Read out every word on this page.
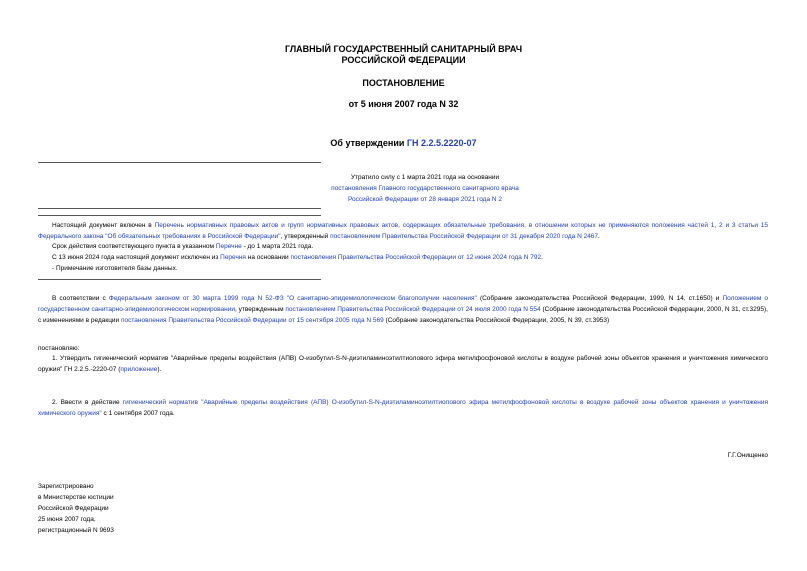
ГЛАВНЫЙ ГОСУДАРСТВЕННЫЙ САНИТАРНЫЙ ВРАЧ
РОССИЙСКОЙ ФЕДЕРАЦИИ
ПОСТАНОВЛЕНИЕ
от 5 июня 2007 года N 32
Об утверждении ГН 2.2.5.2220-07
Утратило силу с 1 марта 2021 года на основании
постановления Главного государственного санитарного врача
Российской Федерации от 28 января 2021 года N 2
Настоящий документ включен в Перечень нормативных правовых актов и групп нормативных правовых актов, содержащих обязательные требования, в отношении которых не применяются положения частей 1, 2 и 3 статьи 15 Федерального закона "Об обязательных требованиях в Российской Федерации", утвержденный постановлением Правительства Российской Федерации от 31 декабря 2020 года N 2467.
Срок действия соответствующего пункта в указанном Перечне - до 1 марта 2021 года.
С 13 июня 2024 года настоящий документ исключен из Перечня на основании постановления Правительства Российской Федерации от 12 июня 2024 года N 792.
- Примечание изготовителя базы данных.
В соответствии с Федеральным законом от 30 марта 1999 года N 52-ФЗ "О санитарно-эпидемиологическом благополучии населения" (Собрание законодательства Российской Федерации, 1999, N 14, ст.1650) и Положением о государственном санитарно-эпидемиологическом нормировании, утвержденным постановлением Правительства Российской Федерации от 24 июля 2000 года N 554 (Собрание законодательства Российской Федерации, 2000, N 31, ст.3295), с изменениями в редакции постановления Правительства Российской Федерации от 15 сентября 2005 года N 569 (Собрание законодательства Российской Федерации, 2005, N 39, ст.3953)
постановляю:
1. Утвердить гигиенический норматив "Аварийные пределы воздействия (АПВ) О-изобутил-S-N-диэтиламиноэтилтиолового эфира метилфосфоновой кислоты в воздухе рабочей зоны объектов хранения и уничтожения химического оружия" ГН 2.2.5.-2220-07 (приложение).
2. Ввести в действие гигиенический норматив "Аварийные пределы воздействия (АПВ) О-изобутил-S-N-диэтиламиноэтилтиолового эфира метилфосфоновой кислоты в воздухе рабочей зоны объектов хранения и уничтожения химического оружия" с 1 сентября 2007 года.
Г.Г.Онищенко
Зарегистрировано
в Министерстве юстиции
Российской Федерации
25 июня 2007 года,
регистрационный N 9693
